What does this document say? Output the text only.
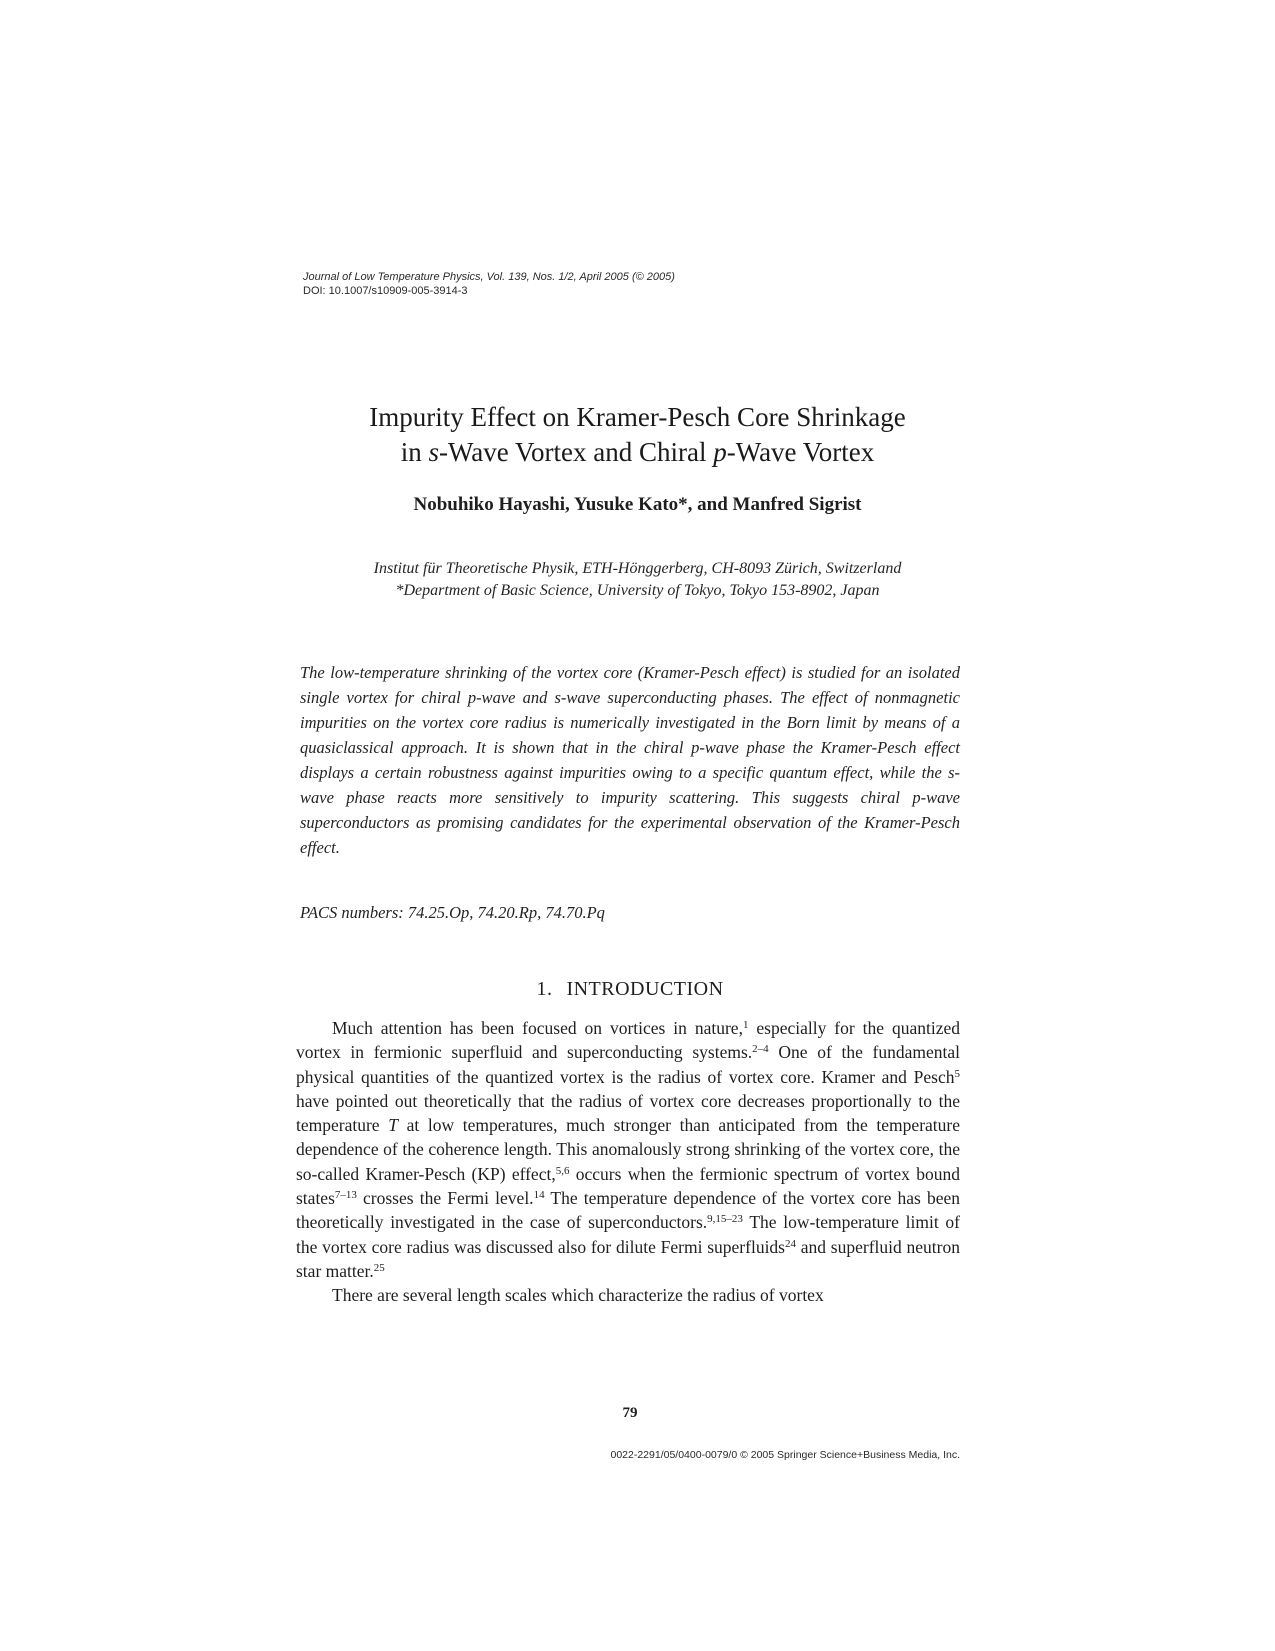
Journal of Low Temperature Physics, Vol. 139, Nos. 1/2, April 2005 (© 2005)
DOI: 10.1007/s10909-005-3914-3
Impurity Effect on Kramer-Pesch Core Shrinkage
in s-Wave Vortex and Chiral p-Wave Vortex
Nobuhiko Hayashi, Yusuke Kato*, and Manfred Sigrist
Institut für Theoretische Physik, ETH-Hönggerberg, CH-8093 Zürich, Switzerland
*Department of Basic Science, University of Tokyo, Tokyo 153-8902, Japan

The low-temperature shrinking of the vortex core (Kramer-Pesch effect) is studied for an isolated single vortex for chiral p-wave and s-wave superconducting phases. The effect of nonmagnetic impurities on the vortex core radius is numerically investigated in the Born limit by means of a quasiclassical approach. It is shown that in the chiral p-wave phase the Kramer-Pesch effect displays a certain robustness against impurities owing to a specific quantum effect, while the s-wave phase reacts more sensitively to impurity scattering. This suggests chiral p-wave superconductors as promising candidates for the experimental observation of the Kramer-Pesch effect.

PACS numbers: 74.25.Op, 74.20.Rp, 74.70.Pq
1. INTRODUCTION

Much attention has been focused on vortices in nature,$^1$ especially for the quantized vortex in fermionic superfluid and superconducting systems.$^{2-4}$ One of the fundamental physical quantities of the quantized vortex is the radius of vortex core. Kramer and Pesch$^5$ have pointed out theoretically that the radius of vortex core decreases proportionally to the temperature T at low temperatures, much stronger than anticipated from the temperature dependence of the coherence length. This anomalously strong shrinking of the vortex core, the so-called Kramer-Pesch (KP) effect,$^{5,6}$ occurs when the fermionic spectrum of vortex bound states$^{7-13}$ crosses the Fermi level.$^{14}$ The temperature dependence of the vortex core has been theoretically investigated in the case of superconductors.$^{9,15-23}$ The low-temperature limit of the vortex core radius was discussed also for dilute Fermi superfluids$^{24}$ and superfluid neutron star matter.$^{25}$

There are several length scales which characterize the radius of vortex

79
0022-2291/05/0400-0079/0 © 2005 Springer Science+Business Media, Inc.
